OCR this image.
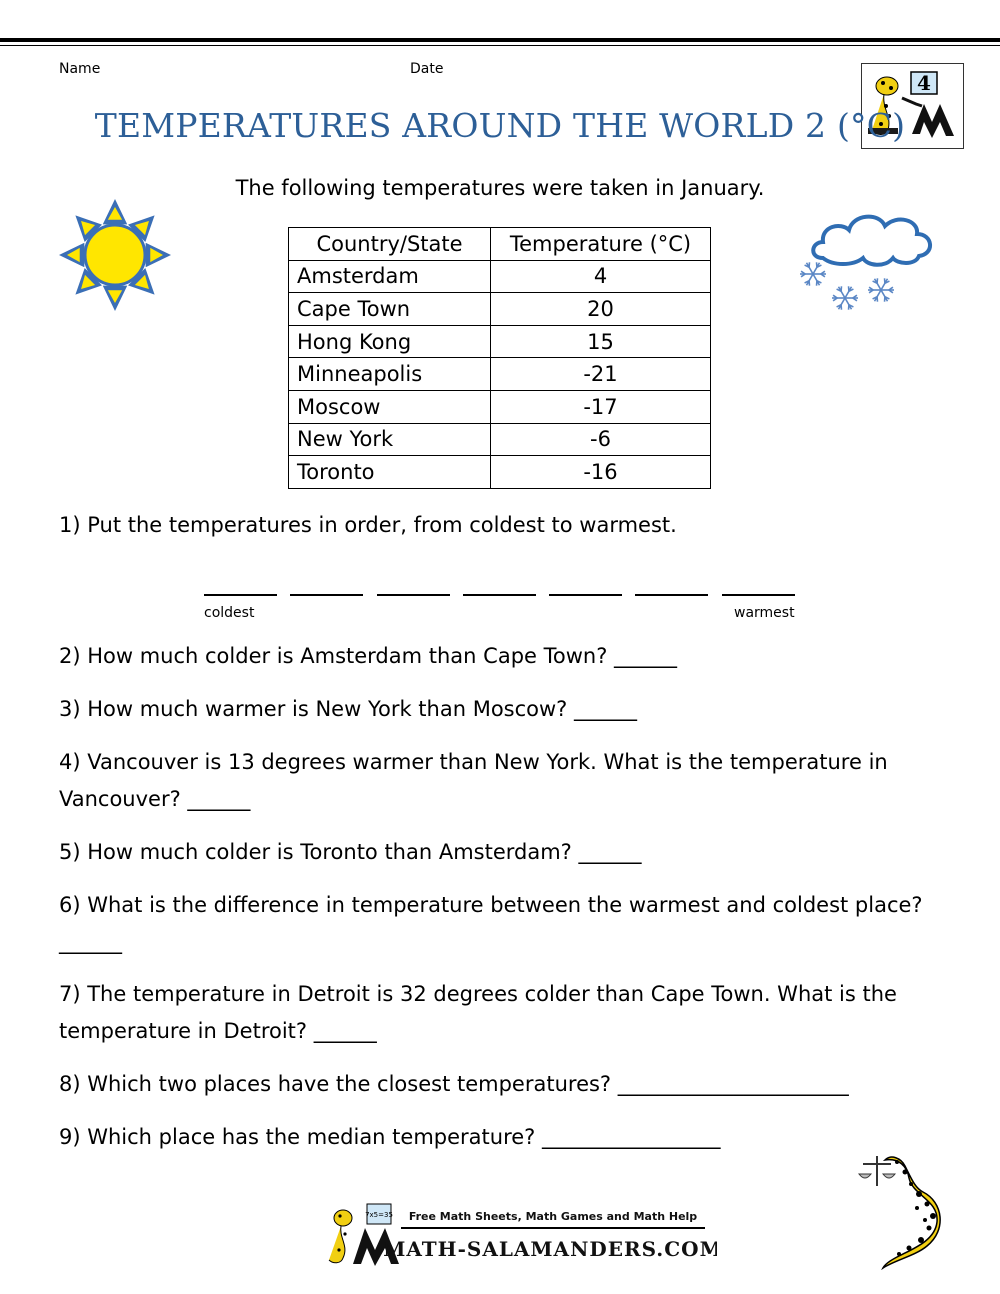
Name	Date
4
TEMPERATURES AROUND THE WORLD 2 (°C)
The following temperatures were taken in January.
Country/State	Temperature (°C)
Amsterdam	4
Cape Town	20
Hong Kong	15
Minneapolis	-21
Moscow	-17
New York	-6
Toronto	-16
1) Put the temperatures in order, from coldest to warmest.
coldest	warmest
2) How much colder is Amsterdam than Cape Town? ______
3) How much warmer is New York than Moscow? ______
4) Vancouver is 13 degrees warmer than New York. What is the temperature in Vancouver? ______
5) How much colder is Toronto than Amsterdam? ______
6) What is the difference in temperature between the warmest and coldest place? ______
7) The temperature in Detroit is 32 degrees colder than Cape Town. What is the temperature in Detroit? ______
8) Which two places have the closest temperatures? ______________________
9) Which place has the median temperature? _________________
7x5=35 Free Math Sheets, Math Games and Math Help
MATH-SALAMANDERS.COM
